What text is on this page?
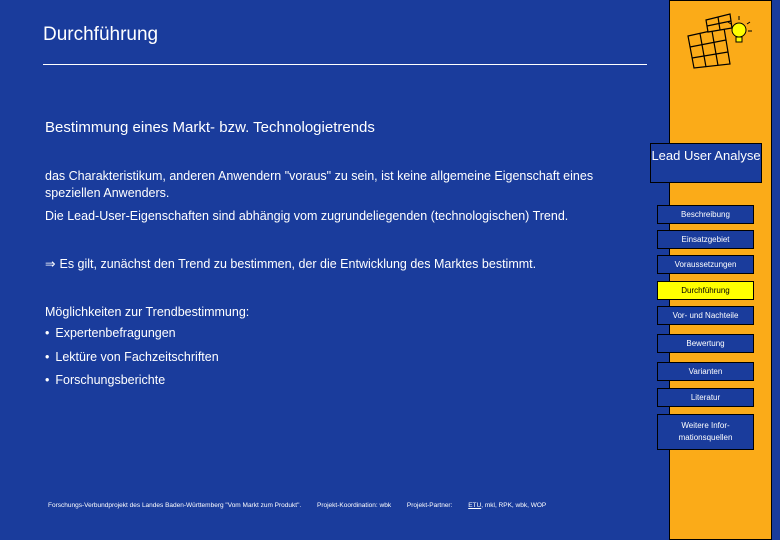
Durchführung
Bestimmung eines Markt- bzw. Technologietrends
das Charakteristikum, anderen Anwendern "voraus" zu sein, ist keine allgemeine Eigenschaft eines speziellen Anwenders.
Die Lead-User-Eigenschaften sind abhängig vom zugrundeliegenden (technologischen) Trend.
⇒ Es gilt, zunächst den Trend zu bestimmen, der die Entwicklung des Marktes bestimmt.
Möglichkeiten zur Trendbestimmung:
• Expertenbefragungen
• Lektüre von Fachzeitschriften
• Forschungsberichte
Forschungs-Verbundprojekt des Landes Baden-Württemberg "Vom Markt zum Produkt". Projekt-Koordination: wbk Projekt-Partner: ETU, mkl, RPK, wbk, WOP
Lead User Analyse
Beschreibung
Einsatzgebiet
Voraussetzungen
Durchführung
Vor- und Nachteile
Bewertung
Varianten
Literatur
Weitere Infor- mationsquellen
